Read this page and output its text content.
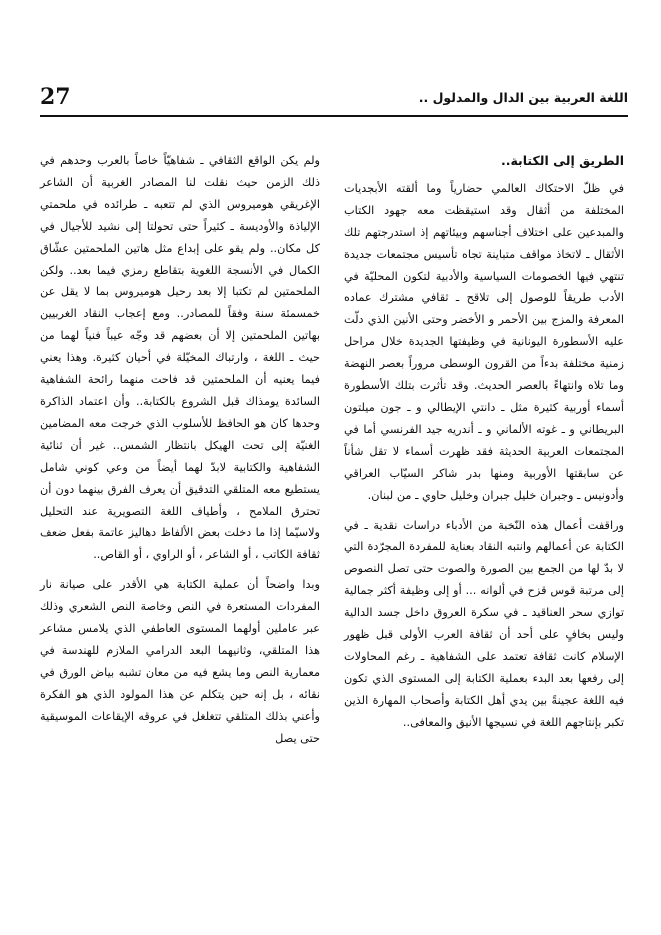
اللغة العربية بين الدال والمدلول ..
27
الطريق إلى الكتابة..

في ظلّ الاحتكاك العالمي حضارياً وما ألقته الأبجديات المختلفة من أثقال وقد استيقظت معه جهود الكتاب والمبدعين على اختلاف أجناسهم وبيئاتهم إذ استدرجتهم تلك الأثقال ـ لاتخاذ مواقف متباينة تجاه تأسيس مجتمعات جديدة تنتهي فيها الخصومات السياسية والأدبية لتكون المحليّة في الأدب طريقاً للوصول إلى تلاقح ـ ثقافي مشترك عماده المعرفة والمزج بين الأحمر و الأخضر وحتى الأنين الذي دلّت عليه الأسطورة اليونانية في وظيفتها الجديدة خلال مراحل زمنية مختلفة بدءاً من القرون الوسطى مروراً بعصر النهضة وما تلاه وانتهاءً بالعصر الحديث. وقد تأثرت بتلك الأسطورة أسماء أوربية كثيرة مثل ـ دانتي الإيطالي و ـ جون ميلتون البريطاني و ـ غوته الألماني و ـ أندريه جيد الفرنسي أما في المجتمعات العربية الحديثة فقد ظهرت أسماء لا تقل شأناً عن سابقتها الأوربية ومنها بدر شاكر السيّاب العراقي وأدونيس ـ وجبران خليل جبران وخليل حاوي ـ من لبنان.

وراقفت أعمال هذه النّخبة من الأدباء دراسات نقدية ـ في الكتابة عن أعمالهم وانتبه النقاد بعناية للمفردة المجرّدة التي لا بدّ لها من الجمع بين الصورة والصوت حتى تصل النصوص إلى مرتبة قوس قزح في ألوانه ... أو إلى وظيفة أكثر جمالية توازي سحر العناقيد ـ في سكرة العروق داخل جسد الدالية وليس بخافٍ على أحد أن ثقافة العرب الأولى قبل ظهور الإسلام كانت ثقافة تعتمد على الشفاهية ـ رغم المحاولات إلى رفعها بعد البدء بعملية الكتابة إلى المستوى الذي تكون فيه اللغة عجينةً بين يدي أهل الكتابة وأصحاب المهارة الذين تكبر بإنتاجهم اللغة في نسيجها الأنيق والمعافى..

ولم يكن الواقع الثقافي ـ شفاهيّاً خاصاً بالعرب وحدهم في ذلك الزمن حيث نقلت لنا المصادر الغربية أن الشاعر الإغريقي هوميروس الذي لم تتعبه ـ طرائده في ملحمتي الإلياذة والأوديسة ـ كثيراً حتى تحولتا إلى نشيد للأجيال في كل مكان.. ولم يقو على إبداع مثل هاتين الملحمتين عشّاق الكمال في الأنسجة اللغوية بتقاطع رمزي فيما بعد.. ولكن الملحمتين لم تكتبا إلا بعد رحيل هوميروس بما لا يقل عن خمسمئة سنة وفقاً للمصادر.. ومع إعجاب النقاد الغربيين بهاتين الملحمتين إلا أن بعضهم قد وجّه عيباً فنياً لهما من حيث ـ اللغة ، وارتباك المخيّلة في أحيان كثيرة. وهذا يعني فيما يعنيه أن الملحمتين قد فاحت منهما رائحة الشفاهية السائدة يومذاك قبل الشروع بالكتابة.. وأن اعتماد الذاكرة وحدها كان هو الحافظ للأسلوب الذي خرجت معه المضامين الغنيّة إلى تحت الهيكل بانتظار الشمس.. غير أن ثنائية الشفاهية والكتابية لابدّ لهما أيضاً من وعي كوني شامل يستطيع معه المتلقي التدقيق أن يعرف الفرق بينهما دون أن تحترق الملامح ، وأطياف اللغة التصويرية عند التحليل ولاسيّما إذا ما دخلت بعض الألفاظ دهاليز عاتمة بفعل ضعف ثقافة الكاتب ، أو الشاعر ، أو الراوي ، أو القاص..

وبدا واضحاً أن عملية الكتابة هي الأقدر على صيانة نار المفردات المستعرة في النص وخاصة النص الشعري وذلك عبر عاملين أولهما المستوى العاطفي الذي يلامس مشاعر هذا المتلقي، وثانيهما البعد الدرامي الملازم للهندسة في معمارية النص وما يشع فيه من معان تشبه بياض الورق في نقائه ، بل إنه حين يتكلم عن هذا المولود الذي هو الفكرة وأعني بذلك المتلقي تتغلغل في عروقه الإيقاعات الموسيقية حتى يصل
